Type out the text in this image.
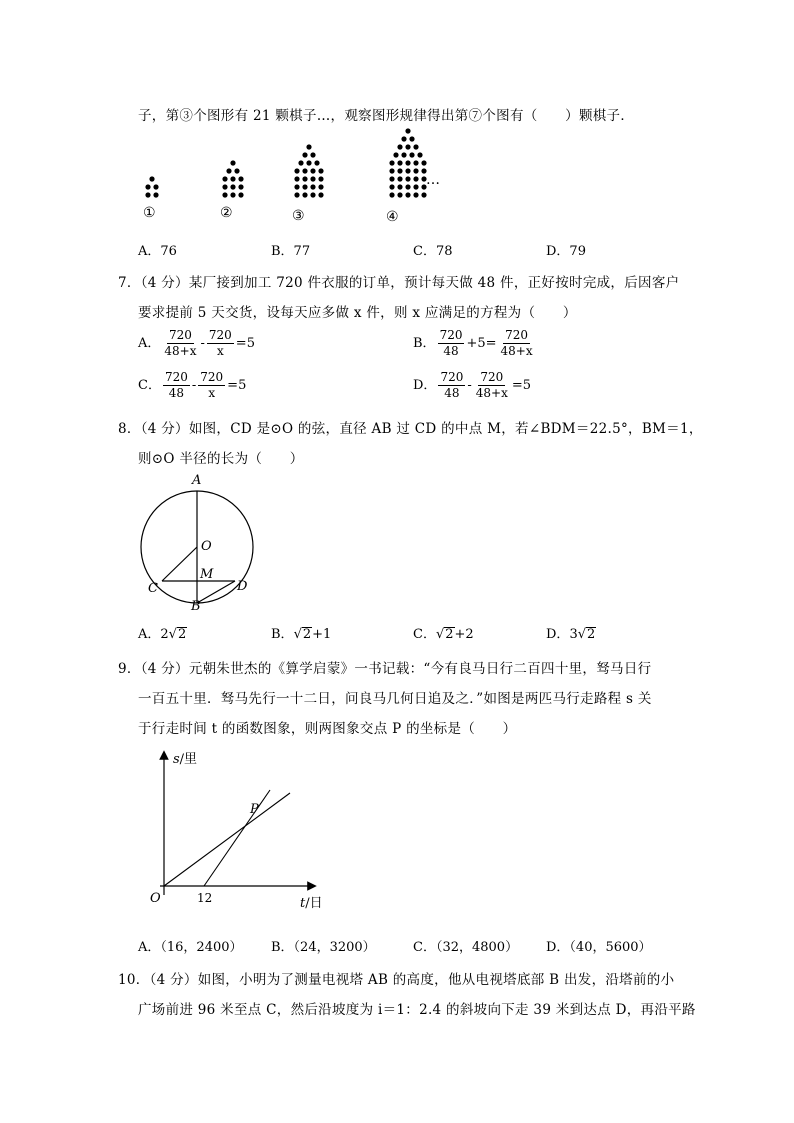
子，第③个图形有 21 颗棋子…，观察图形规律得出第⑦个图有（　　）颗棋子．
①	②	③	④
…
A．76	B．77	C．78	D．79
7．（4 分）某厂接到加工 720 件衣服的订单，预计每天做 48 件，正好按时完成，后因客户
要求提前 5 天交货，设每天应多做 x 件，则 x 应满足的方程为（　　）
A． $\frac{720}{48+x} - \frac{720}{x} =5$	B． $\frac{720}{48} +5= \frac{720}{48+x}$
C． $\frac{720}{48} - \frac{720}{x} =5$	D． $\frac{720}{48} - \frac{720}{48+x} =5$
8．（4 分）如图，CD 是⊙O 的弦，直径 AB 过 CD 的中点 M，若∠BDM＝22.5°，BM＝1，
则⊙O 半径的长为（　　）
A
O
M
C	D
B
A．2√2	B．√2+1	C．√2+2	D．3√2
9．（4 分）元朝朱世杰的《算学启蒙》一书记载：“今有良马日行二百四十里，驽马日行
一百五十里．驽马先行一十二日，问良马几何日追及之．”如图是两匹马行走路程 s 关
于行走时间 t 的函数图象，则两图象交点 P 的坐标是（　　）
s/里
t/日
O	12
P
A．（16，2400） B．（24，3200）	C．（32，4800） D．（40，5600）
10．（4 分）如图，小明为了测量电视塔 AB 的高度，他从电视塔底部 B 出发，沿塔前的小
广场前进 96 米至点 C，然后沿坡度为 i＝1：2.4 的斜坡向下走 39 米到达点 D，再沿平路
